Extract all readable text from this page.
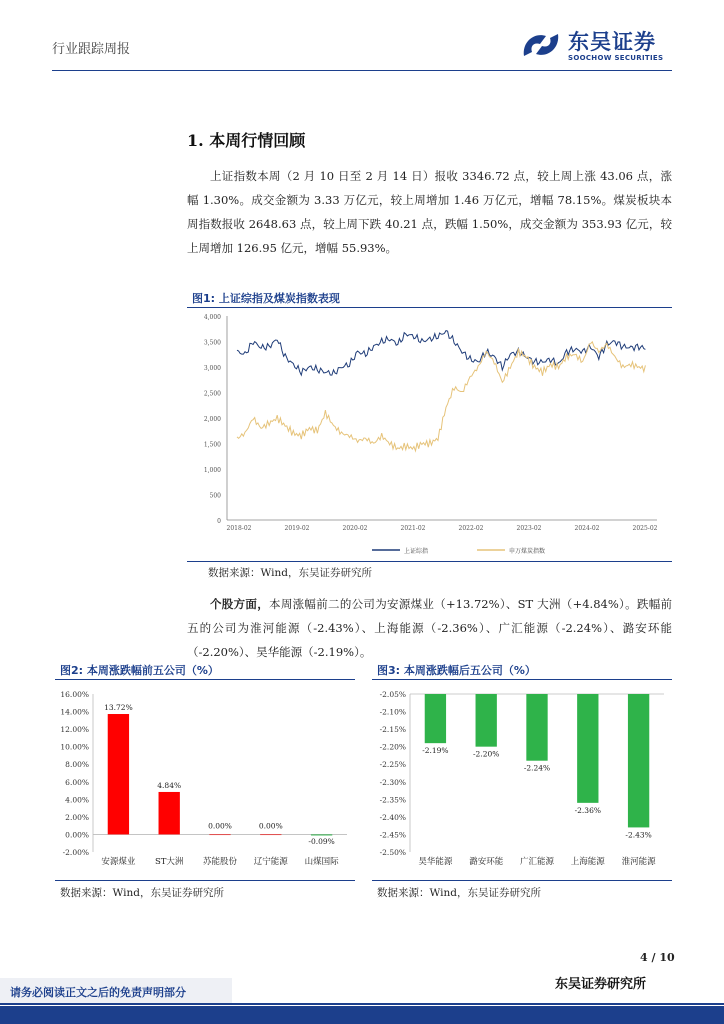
行业跟踪周报	东吴证券
SOOCHOW SECURITIES
1. 本周行情回顾
上证指数本周（2 月 10 日至 2 月 14 日）报收 3346.72 点，较上周上涨 43.06 点，涨幅 1.30%。成交金额为 3.33 万亿元，较上周增加 1.46 万亿元，增幅 78.15%。煤炭板块本周指数报收 2648.63 点，较上周下跌 40.21 点，跌幅 1.50%，成交金额为 353.93 亿元，较上周增加 126.95 亿元，增幅 55.93%。
图1: 上证综指及煤炭指数表现
4,000
3,500
3,000
2,500
2,000
1,500
1,000
500
0
2018-02	2019-02	2020-02	2021-02	2022-02	2023-02	2024-02	2025-02
上证综指	申万煤炭指数
数据来源：Wind，东吴证券研究所
个股方面，本周涨幅前二的公司为安源煤业（+13.72%）、ST 大洲（+4.84%）。跌幅前五的公司为淮河能源（-2.43%）、上海能源（-2.36%）、广汇能源（-2.24%）、潞安环能（-2.20%）、昊华能源（-2.19%）。
图2: 本周涨跌幅前五公司（%）
16.00%
14.00%
12.00%
10.00%
8.00%
6.00%
4.00%
2.00%
0.00%
-2.00%
13.72%
安源煤业
4.84%
ST大洲
0.00%
苏能股份
0.00%
辽宁能源
-0.09%
山煤国际
数据来源：Wind，东吴证券研究所
图3: 本周涨跌幅后五公司（%）
-2.05%
-2.10%
-2.15%
-2.20%
-2.25%
-2.30%
-2.35%
-2.40%
-2.45%
-2.50%
-2.19%
昊华能源
-2.20%
潞安环能
-2.24%
广汇能源
-2.36%
上海能源
-2.43%
淮河能源
数据来源：Wind，东吴证券研究所
4 / 10
东吴证券研究所
请务必阅读正文之后的免责声明部分
